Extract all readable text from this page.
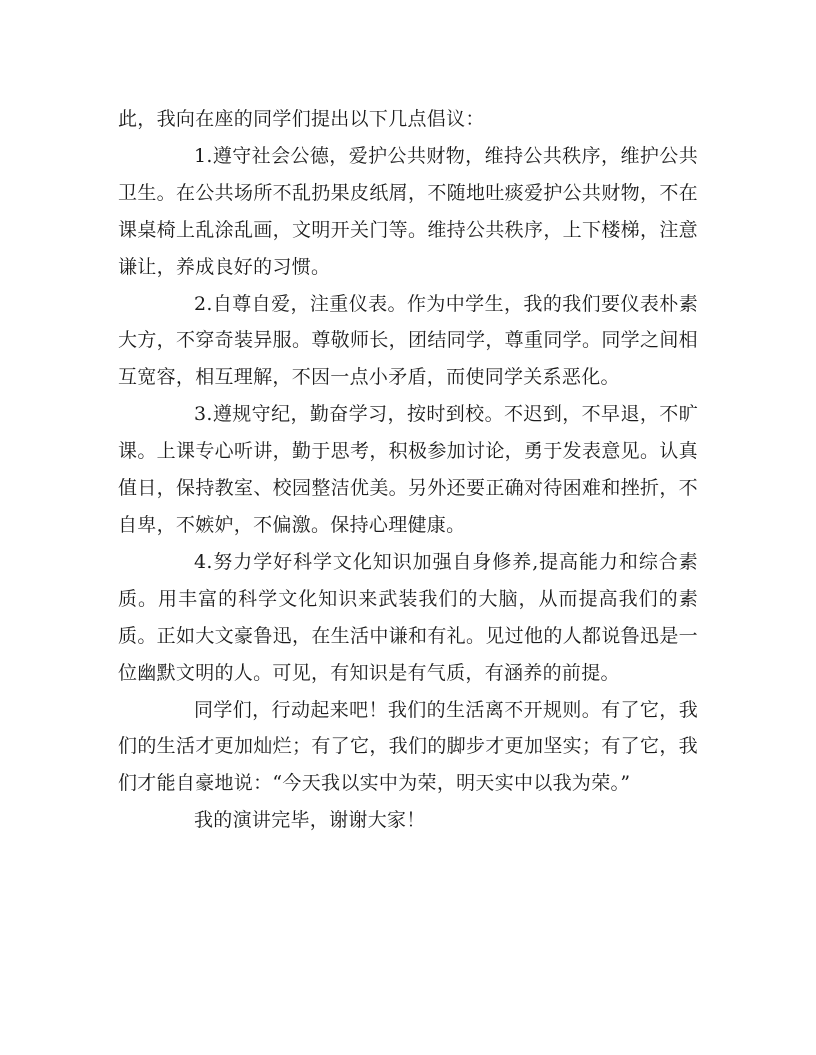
此，我向在座的同学们提出以下几点倡议：

1.遵守社会公德，爱护公共财物，维持公共秩序，维护公共卫生。在公共场所不乱扔果皮纸屑，不随地吐痰爱护公共财物，不在课桌椅上乱涂乱画，文明开关门等。维持公共秩序，上下楼梯，注意谦让，养成良好的习惯。

2.自尊自爱，注重仪表。作为中学生，我的我们要仪表朴素大方，不穿奇装异服。尊敬师长，团结同学，尊重同学。同学之间相互宽容，相互理解，不因一点小矛盾，而使同学关系恶化。

3.遵规守纪，勤奋学习，按时到校。不迟到，不早退，不旷课。上课专心听讲，勤于思考，积极参加讨论，勇于发表意见。认真值日，保持教室、校园整洁优美。另外还要正确对待困难和挫折，不自卑，不嫉妒，不偏激。保持心理健康。

4.努力学好科学文化知识加强自身修养,提高能力和综合素质。用丰富的科学文化知识来武装我们的大脑，从而提高我们的素质。正如大文豪鲁迅，在生活中谦和有礼。见过他的人都说鲁迅是一位幽默文明的人。可见，有知识是有气质，有涵养的前提。

同学们，行动起来吧！我们的生活离不开规则。有了它，我们的生活才更加灿烂；有了它，我们的脚步才更加坚实；有了它，我们才能自豪地说：“今天我以实中为荣，明天实中以我为荣。”

我的演讲完毕，谢谢大家！
